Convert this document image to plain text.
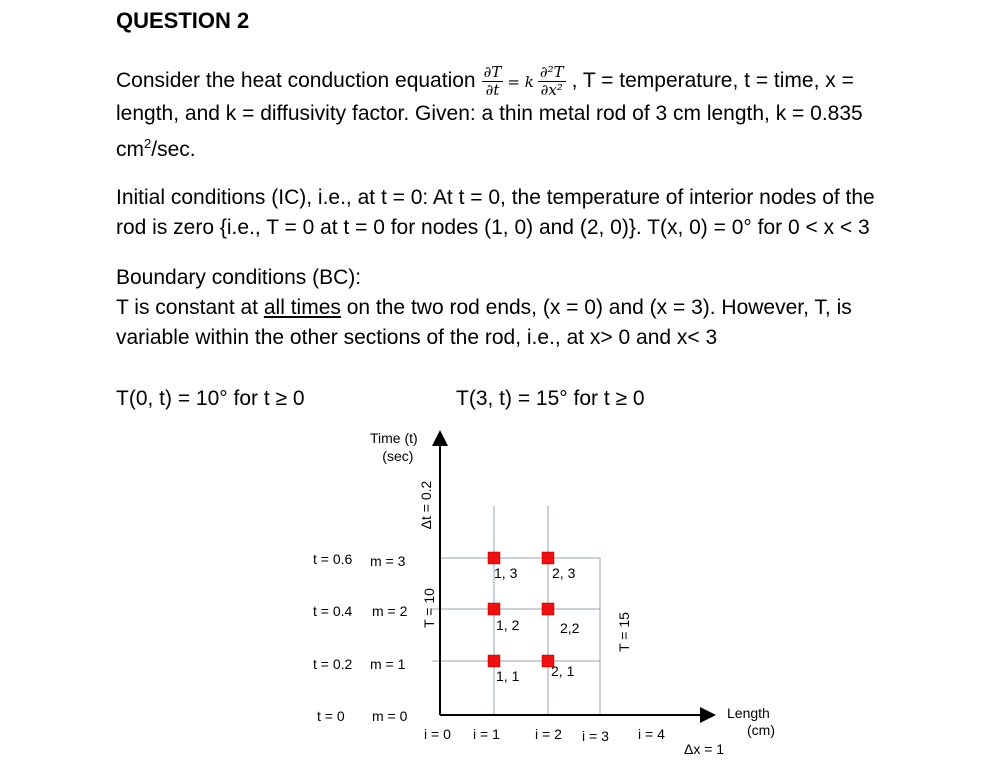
QUESTION 2
Consider the heat conduction equation $\frac{\partial T}{\partial t} = k \frac{\text{∂²T}}{\text{∂x²}}$ , T = temperature, t = time, x =
length, and k = diffusivity factor. Given: a thin metal rod of 3 cm length, k = 0.835
$cm^2/\sec$.
Initial conditions (IC), i.e., at t = 0: At t = 0, the temperature of interior nodes of the
rod is zero {i.e., T = 0 at t = 0 for nodes (1, 0) and (2, 0)}. T(x, 0) = 0° for 0 < x < 3
Boundary conditions (BC):
T is constant at all times on the two rod ends, (x = 0) and (x = 3). However, T, is
variable within the other sections of the rod, i.e., at x> 0 and x< 3
T(0, t) = 10° for t ≥ 0	T(3, t) = 15° for t ≥ 0
Time (t)
(sec)
Length
(cm)
Δt = 0.2
T = 10
T = 15
t = 0.6 m = 3
t = 0.4 m = 2
t = 0.2 m = 1
t = 0 m = 0
1, 3 2, 3
1, 2	2,2
1, 1 2, 1
i = 0 i = 1	i = 2 i = 3 i = 4
Δx = 1
